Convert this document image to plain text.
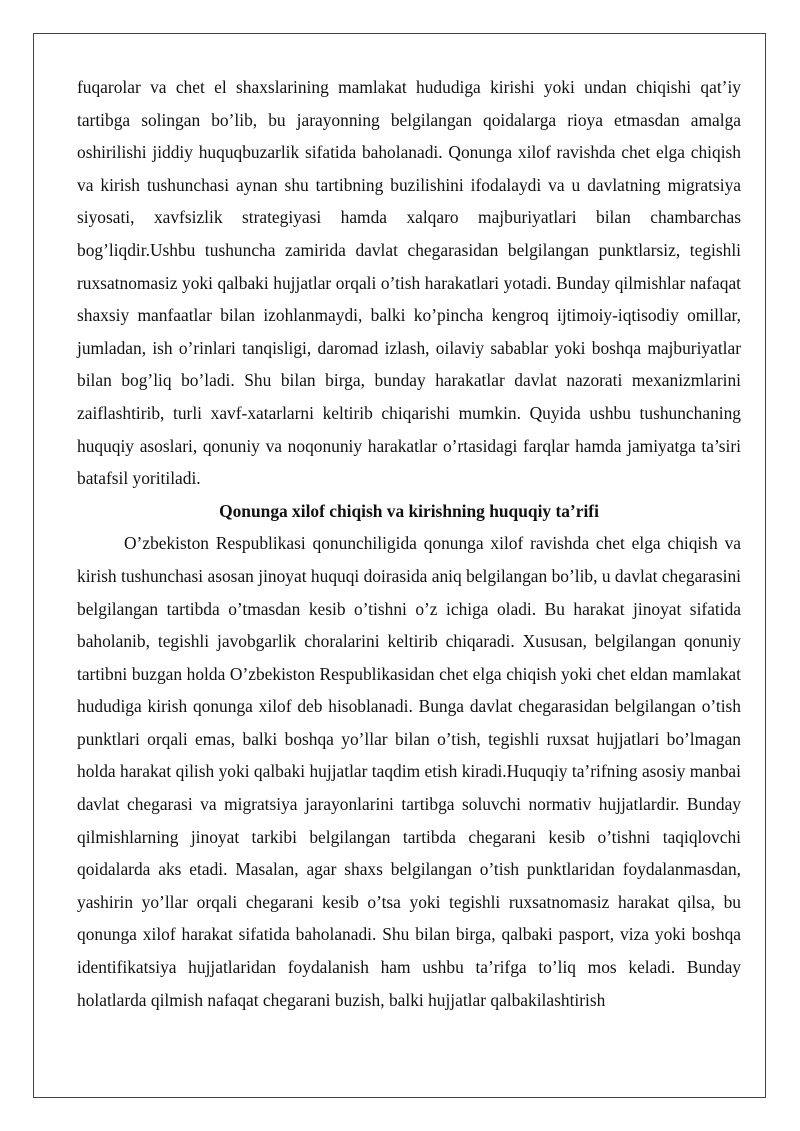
fuqarolar va chet el shaxslarining mamlakat hududiga kirishi yoki undan chiqishi qat’iy tartibga solingan bo’lib, bu jarayonning belgilangan qoidalarga rioya etmasdan amalga oshirilishi jiddiy huquqbuzarlik sifatida baholanadi. Qonunga xilof ravishda chet elga chiqish va kirish tushunchasi aynan shu tartibning buzilishini ifodalaydi va u davlatning migratsiya siyosati, xavfsizlik strategiyasi hamda xalqaro majburiyatlari bilan chambarchas bog’liqdir.Ushbu tushuncha zamirida davlat chegarasidan belgilangan punktlarsiz, tegishli ruxsatnomasiz yoki qalbaki hujjatlar orqali o’tish harakatlari yotadi. Bunday qilmishlar nafaqat shaxsiy manfaatlar bilan izohlanmaydi, balki ko’pincha kengroq ijtimoiy-iqtisodiy omillar, jumladan, ish o’rinlari tanqisligi, daromad izlash, oilaviy sabablar yoki boshqa majburiyatlar bilan bog’liq bo’ladi. Shu bilan birga, bunday harakatlar davlat nazorati mexanizmlarini zaiflashtirib, turli xavf-xatarlarni keltirib chiqarishi mumkin. Quyida ushbu tushunchaning huquqiy asoslari, qonuniy va noqonuniy harakatlar o’rtasidagi farqlar hamda jamiyatga ta’siri batafsil yoritiladi.

Qonunga xilof chiqish va kirishning huquqiy ta’rifi

O’zbekiston Respublikasi qonunchiligida qonunga xilof ravishda chet elga chiqish va kirish tushunchasi asosan jinoyat huquqi doirasida aniq belgilangan bo’lib, u davlat chegarasini belgilangan tartibda o’tmasdan kesib o’tishni o’z ichiga oladi. Bu harakat jinoyat sifatida baholanib, tegishli javobgarlik choralarini keltirib chiqaradi. Xususan, belgilangan qonuniy tartibni buzgan holda O’zbekiston Respublikasidan chet elga chiqish yoki chet eldan mamlakat hududiga kirish qonunga xilof deb hisoblanadi. Bunga davlat chegarasidan belgilangan o’tish punktlari orqali emas, balki boshqa yo’llar bilan o’tish, tegishli ruxsat hujjatlari bo’lmagan holda harakat qilish yoki qalbaki hujjatlar taqdim etish kiradi.Huquqiy ta’rifning asosiy manbai davlat chegarasi va migratsiya jarayonlarini tartibga soluvchi normativ hujjatlardir. Bunday qilmishlarning jinoyat tarkibi belgilangan tartibda chegarani kesib o’tishni taqiqlovchi qoidalarda aks etadi. Masalan, agar shaxs belgilangan o’tish punktlaridan foydalanmasdan, yashirin yo’llar orqali chegarani kesib o’tsa yoki tegishli ruxsatnomasiz harakat qilsa, bu qonunga xilof harakat sifatida baholanadi. Shu bilan birga, qalbaki pasport, viza yoki boshqa identifikatsiya hujjatlaridan foydalanish ham ushbu ta’rifga to’liq mos keladi. Bunday holatlarda qilmish nafaqat chegarani buzish, balki hujjatlar qalbakilashtirish
